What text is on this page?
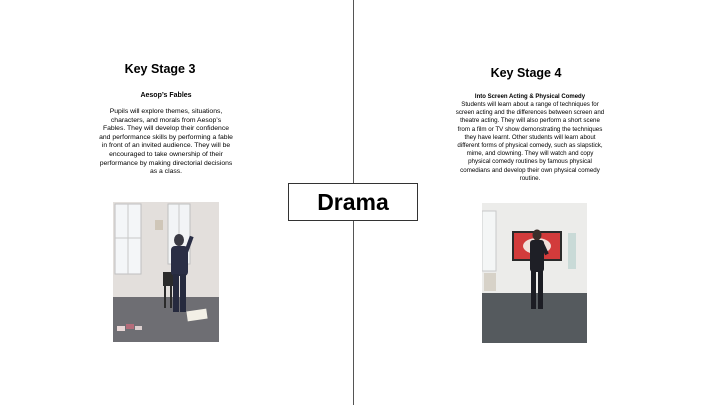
Key Stage 3
Aesop’s Fables
Pupils will explore themes, situations, characters, and morals from Aesop’s Fables. They will develop their confidence and performance skills by performing a fable in front of an invited audience. They will be encouraged to take ownership of their performance by making directorial decisions as a class.
Drama
Key Stage 4
Into Screen Acting & Physical Comedy
Students will learn about a range of techniques for screen acting and the differences between screen and theatre acting. They will also perform a short scene from a film or TV show demonstrating the techniques they have learnt. Other students will learn about different forms of physical comedy, such as slapstick, mime, and clowning. They will watch and copy physical comedy routines by famous physical comedians and develop their own physical comedy routine.
